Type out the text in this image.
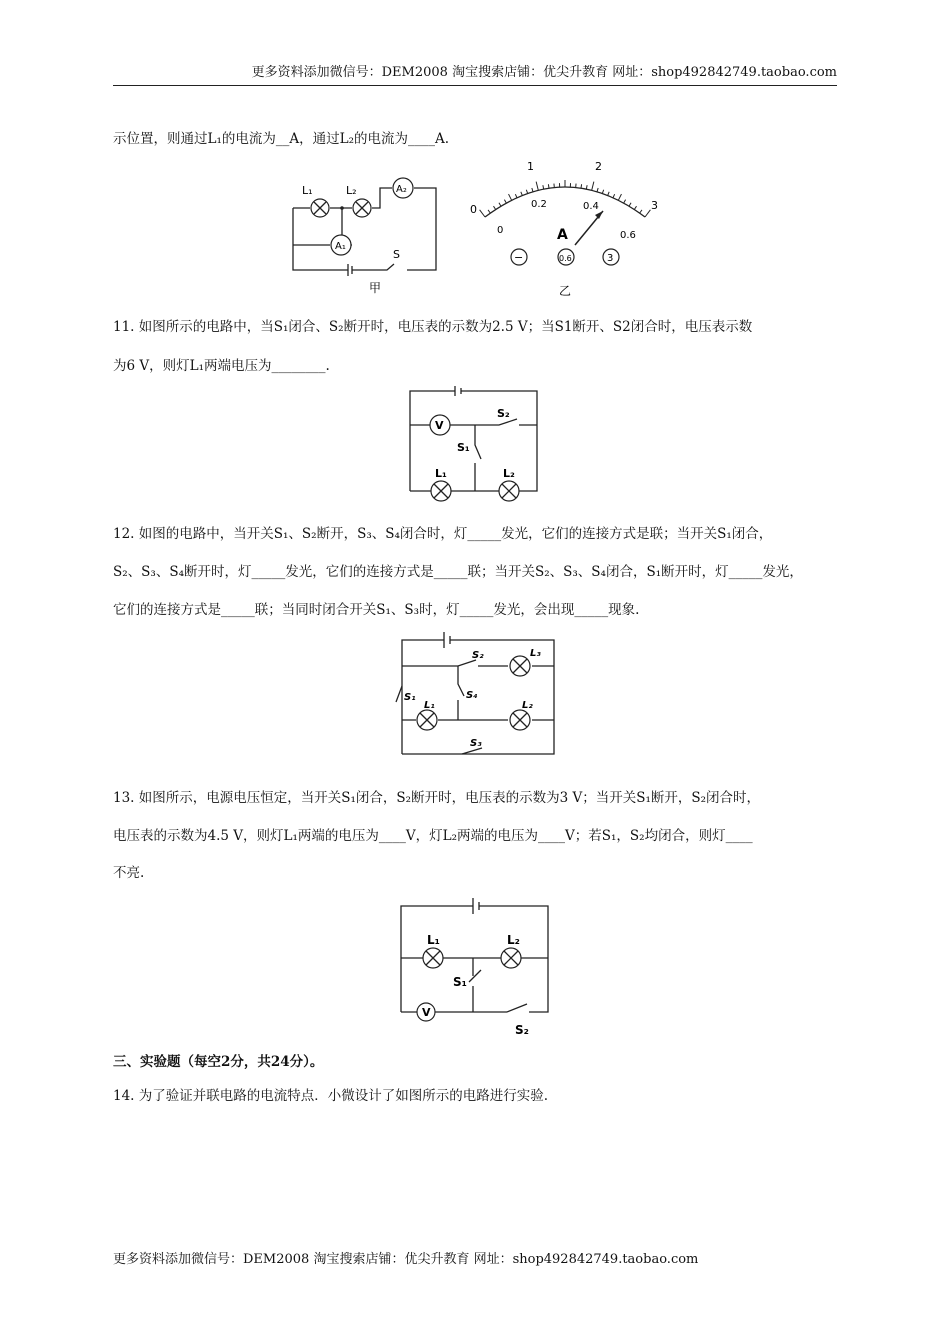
更多资料添加微信号：DEM2008 淘宝搜索店铺：优尖升教育 网址：shop492842749.taobao.com
示位置，则通过L₁的电流为__A，通过L₂的电流为____A.
L₁	L₂
A₁
A₂
S
甲
0
1	2
3
0
0.2	0.4
0.6
A
−	0.6	3
乙
11. 如图所示的电路中，当S₁闭合、S₂断开时，电压表的示数为2.5 V；当S1断开、S2闭合时，电压表示数
为6 V，则灯L₁两端电压为________.
V
S₂
S₁
L₁	L₂
12. 如图的电路中，当开关S₁、S₂断开，S₃、S₄闭合时，灯_____发光，它们的连接方式是联；当开关S₁闭合，
S₂、S₃、S₄断开时，灯_____发光，它们的连接方式是_____联；当开关S₂、S₃、S₄闭合，S₁断开时，灯_____发光，
它们的连接方式是_____联；当同时闭合开关S₁、S₃时，灯_____发光，会出现_____现象.
S₂
S₄
S₁
S₃
L₁
L₃
L₂
13. 如图所示，电源电压恒定，当开关S₁闭合，S₂断开时，电压表的示数为3 V；当开关S₁断开，S₂闭合时，
电压表的示数为4.5 V，则灯L₁两端的电压为____V，灯L₂两端的电压为____V；若S₁，S₂均闭合，则灯____
不亮.
V
L₁	L₂
S₁
S₂
三、实验题（每空2分，共24分）。
14. 为了验证并联电路的电流特点．小微设计了如图所示的电路进行实验.
更多资料添加微信号：DEM2008 淘宝搜索店铺：优尖升教育 网址：shop492842749.taobao.com
